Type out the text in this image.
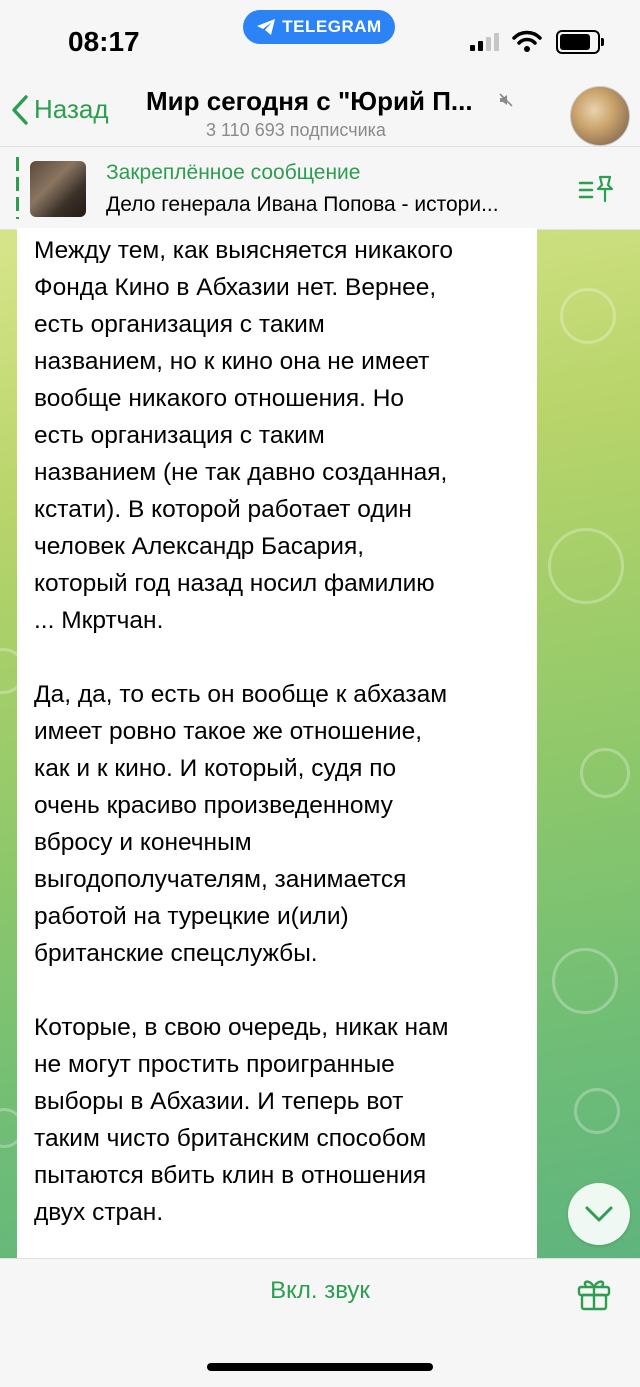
08:17	TELEGRAM
Назад Мир сегодня с "Юрий П...
3 110 693 подписчика
Закреплённое сообщение
Дело генерала Ивана Попова - истори...

Между тем, как выясняется никакого
Фонда Кино в Абхазии нет. Вернее,
есть организация с таким
названием, но к кино она не имеет
вообще никакого отношения. Но
есть организация с таким
названием (не так давно созданная,
кстати). В которой работает один
человек Александр Басария,
который год назад носил фамилию
... Мкртчан.

Да, да, то есть он вообще к абхазам
имеет ровно такое же отношение,
как и к кино. И который, судя по
очень красиво произведенному
вбросу и конечным
выгодополучателям, занимается
работой на турецкие и(или)
британские спецслужбы.

Которые, в свою очередь, никак нам
не могут простить проигранные
выборы в Абхазии. И теперь вот
таким чисто британским способом
пытаются вбить клин в отношения
двух стран.

Вкл. звук
